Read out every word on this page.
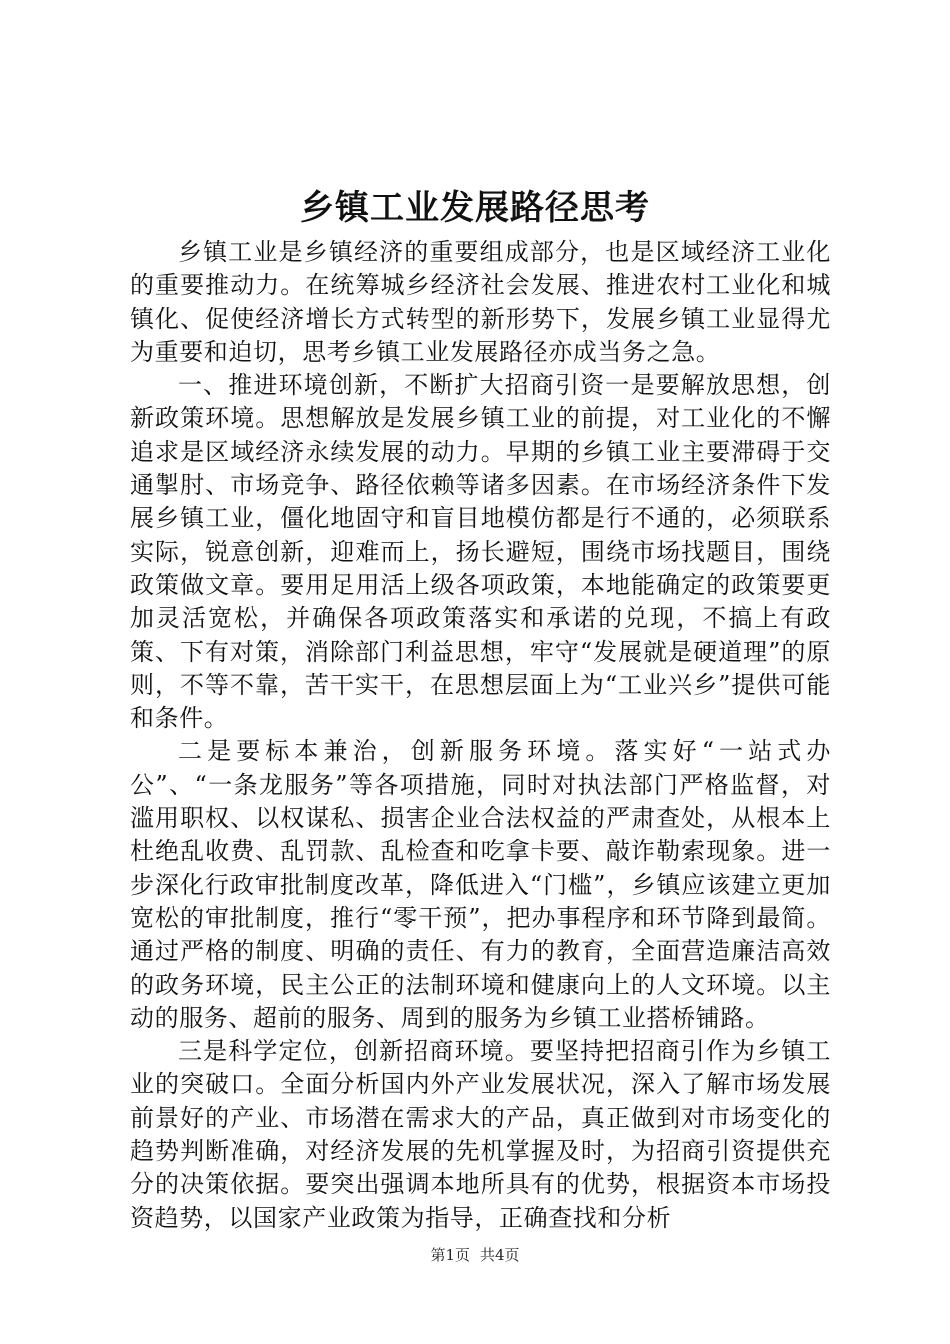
乡镇工业发展路径思考

乡镇工业是乡镇经济的重要组成部分，也是区域经济工业化的重要推动力。在统筹城乡经济社会发展、推进农村工业化和城镇化、促使经济增长方式转型的新形势下，发展乡镇工业显得尤为重要和迫切，思考乡镇工业发展路径亦成当务之急。

一、推进环境创新，不断扩大招商引资一是要解放思想，创新政策环境。思想解放是发展乡镇工业的前提，对工业化的不懈追求是区域经济永续发展的动力。早期的乡镇工业主要滞碍于交通掣肘、市场竞争、路径依赖等诸多因素。在市场经济条件下发展乡镇工业，僵化地固守和盲目地模仿都是行不通的，必须联系实际，锐意创新，迎难而上，扬长避短，围绕市场找题目，围绕政策做文章。要用足用活上级各项政策，本地能确定的政策要更加灵活宽松，并确保各项政策落实和承诺的兑现，不搞上有政策、下有对策，消除部门利益思想，牢守“发展就是硬道理”的原则，不等不靠，苦干实干，在思想层面上为“工业兴乡”提供可能和条件。

二是要标本兼治，创新服务环境。落实好“一站式办公”、“一条龙服务”等各项措施，同时对执法部门严格监督，对滥用职权、以权谋私、损害企业合法权益的严肃查处，从根本上杜绝乱收费、乱罚款、乱检查和吃拿卡要、敲诈勒索现象。进一步深化行政审批制度改革，降低进入“门槛”，乡镇应该建立更加宽松的审批制度，推行“零干预”，把办事程序和环节降到最简。通过严格的制度、明确的责任、有力的教育，全面营造廉洁高效的政务环境，民主公正的法制环境和健康向上的人文环境。以主动的服务、超前的服务、周到的服务为乡镇工业搭桥铺路。

三是科学定位，创新招商环境。要坚持把招商引作为乡镇工业的突破口。全面分析国内外产业发展状况，深入了解市场发展前景好的产业、市场潜在需求大的产品，真正做到对市场变化的趋势判断准确，对经济发展的先机掌握及时，为招商引资提供充分的决策依据。要突出强调本地所具有的优势，根据资本市场投资趋势，以国家产业政策为指导，正确查找和分析

第1页 共4页
